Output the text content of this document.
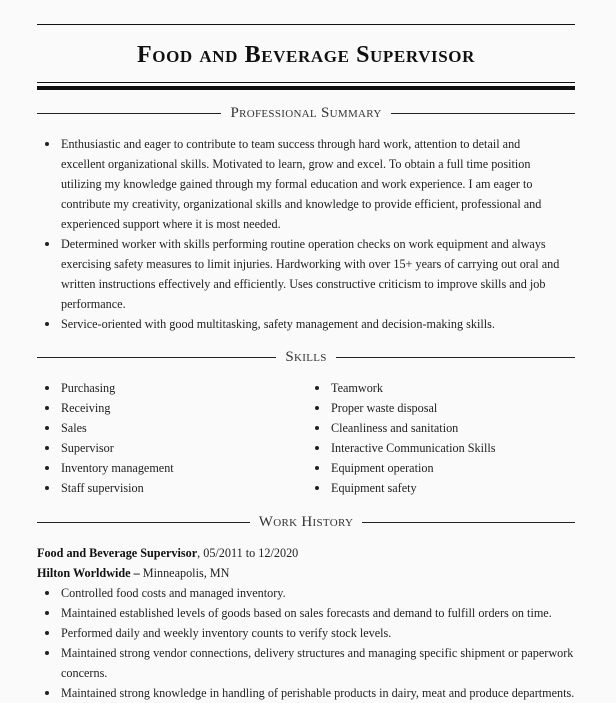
Food and Beverage Supervisor
Professional Summary
Enthusiastic and eager to contribute to team success through hard work, attention to detail and excellent organizational skills. Motivated to learn, grow and excel. To obtain a full time position utilizing my knowledge gained through my formal education and work experience. I am eager to contribute my creativity, organizational skills and knowledge to provide efficient, professional and experienced support where it is most needed.
Determined worker with skills performing routine operation checks on work equipment and always exercising safety measures to limit injuries. Hardworking with over 15+ years of carrying out oral and written instructions effectively and efficiently. Uses constructive criticism to improve skills and job performance.
Service-oriented with good multitasking, safety management and decision-making skills.
Skills
Purchasing
Receiving
Sales
Supervisor
Inventory management
Staff supervision
Teamwork
Proper waste disposal
Cleanliness and sanitation
Interactive Communication Skills
Equipment operation
Equipment safety
Work History
Food and Beverage Supervisor, 05/2011 to 12/2020
Hilton Worldwide – Minneapolis, MN
Controlled food costs and managed inventory.
Maintained established levels of goods based on sales forecasts and demand to fulfill orders on time.
Performed daily and weekly inventory counts to verify stock levels.
Maintained strong vendor connections, delivery structures and managing specific shipment or paperwork concerns.
Maintained strong knowledge in handling of perishable products in dairy, meat and produce departments.
